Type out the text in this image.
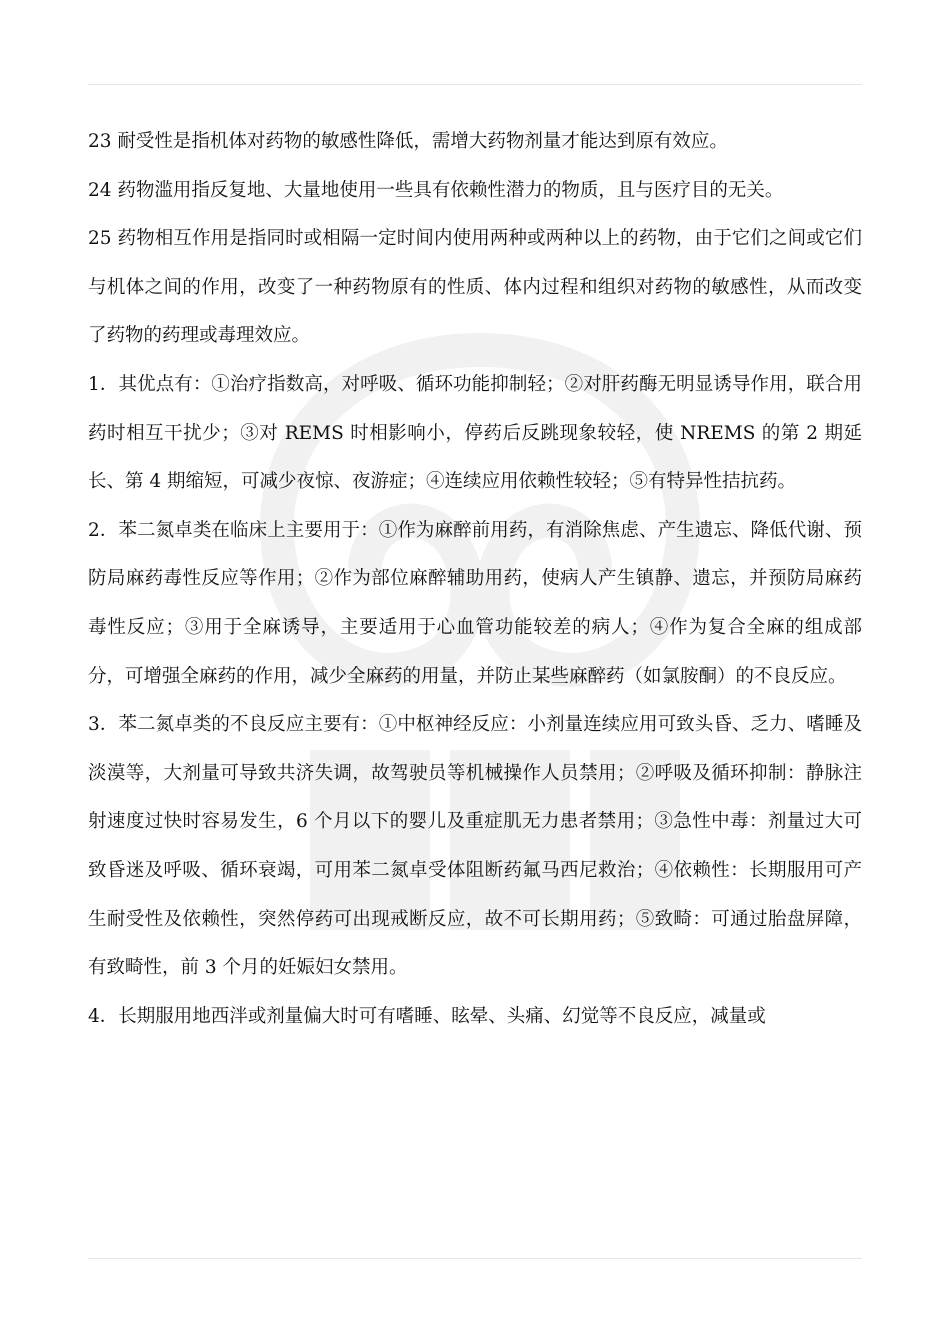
23 耐受性是指机体对药物的敏感性降低，需增大药物剂量才能达到原有效应。

24 药物滥用指反复地、大量地使用一些具有依赖性潜力的物质，且与医疗目的无关。

25 药物相互作用是指同时或相隔一定时间内使用两种或两种以上的药物，由于它们之间或它们与机体之间的作用，改变了一种药物原有的性质、体内过程和组织对药物的敏感性，从而改变了药物的药理或毒理效应。

1．其优点有：①治疗指数高，对呼吸、循环功能抑制轻；②对肝药酶无明显诱导作用，联合用药时相互干扰少；③对 REMS 时相影响小，停药后反跳现象较轻，使 NREMS 的第 2 期延长、第 4 期缩短，可减少夜惊、夜游症；④连续应用依赖性较轻；⑤有特异性拮抗药。

2．苯二氮卓类在临床上主要用于：①作为麻醉前用药，有消除焦虑、产生遗忘、降低代谢、预防局麻药毒性反应等作用；②作为部位麻醉辅助用药，使病人产生镇静、遗忘，并预防局麻药毒性反应；③用于全麻诱导，主要适用于心血管功能较差的病人；④作为复合全麻的组成部分，可增强全麻药的作用，减少全麻药的用量，并防止某些麻醉药（如氯胺酮）的不良反应。

3．苯二氮卓类的不良反应主要有：①中枢神经反应：小剂量连续应用可致头昏、乏力、嗜睡及淡漠等，大剂量可导致共济失调，故驾驶员等机械操作人员禁用；②呼吸及循环抑制：静脉注射速度过快时容易发生，6 个月以下的婴儿及重症肌无力患者禁用；③急性中毒：剂量过大可致昏迷及呼吸、循环衰竭，可用苯二氮卓受体阻断药氟马西尼救治；④依赖性：长期服用可产生耐受性及依赖性，突然停药可出现戒断反应，故不可长期用药；⑤致畸：可通过胎盘屏障，有致畸性，前 3 个月的妊娠妇女禁用。

4．长期服用地西泮或剂量偏大时可有嗜睡、眩晕、头痛、幻觉等不良反应，减量或
